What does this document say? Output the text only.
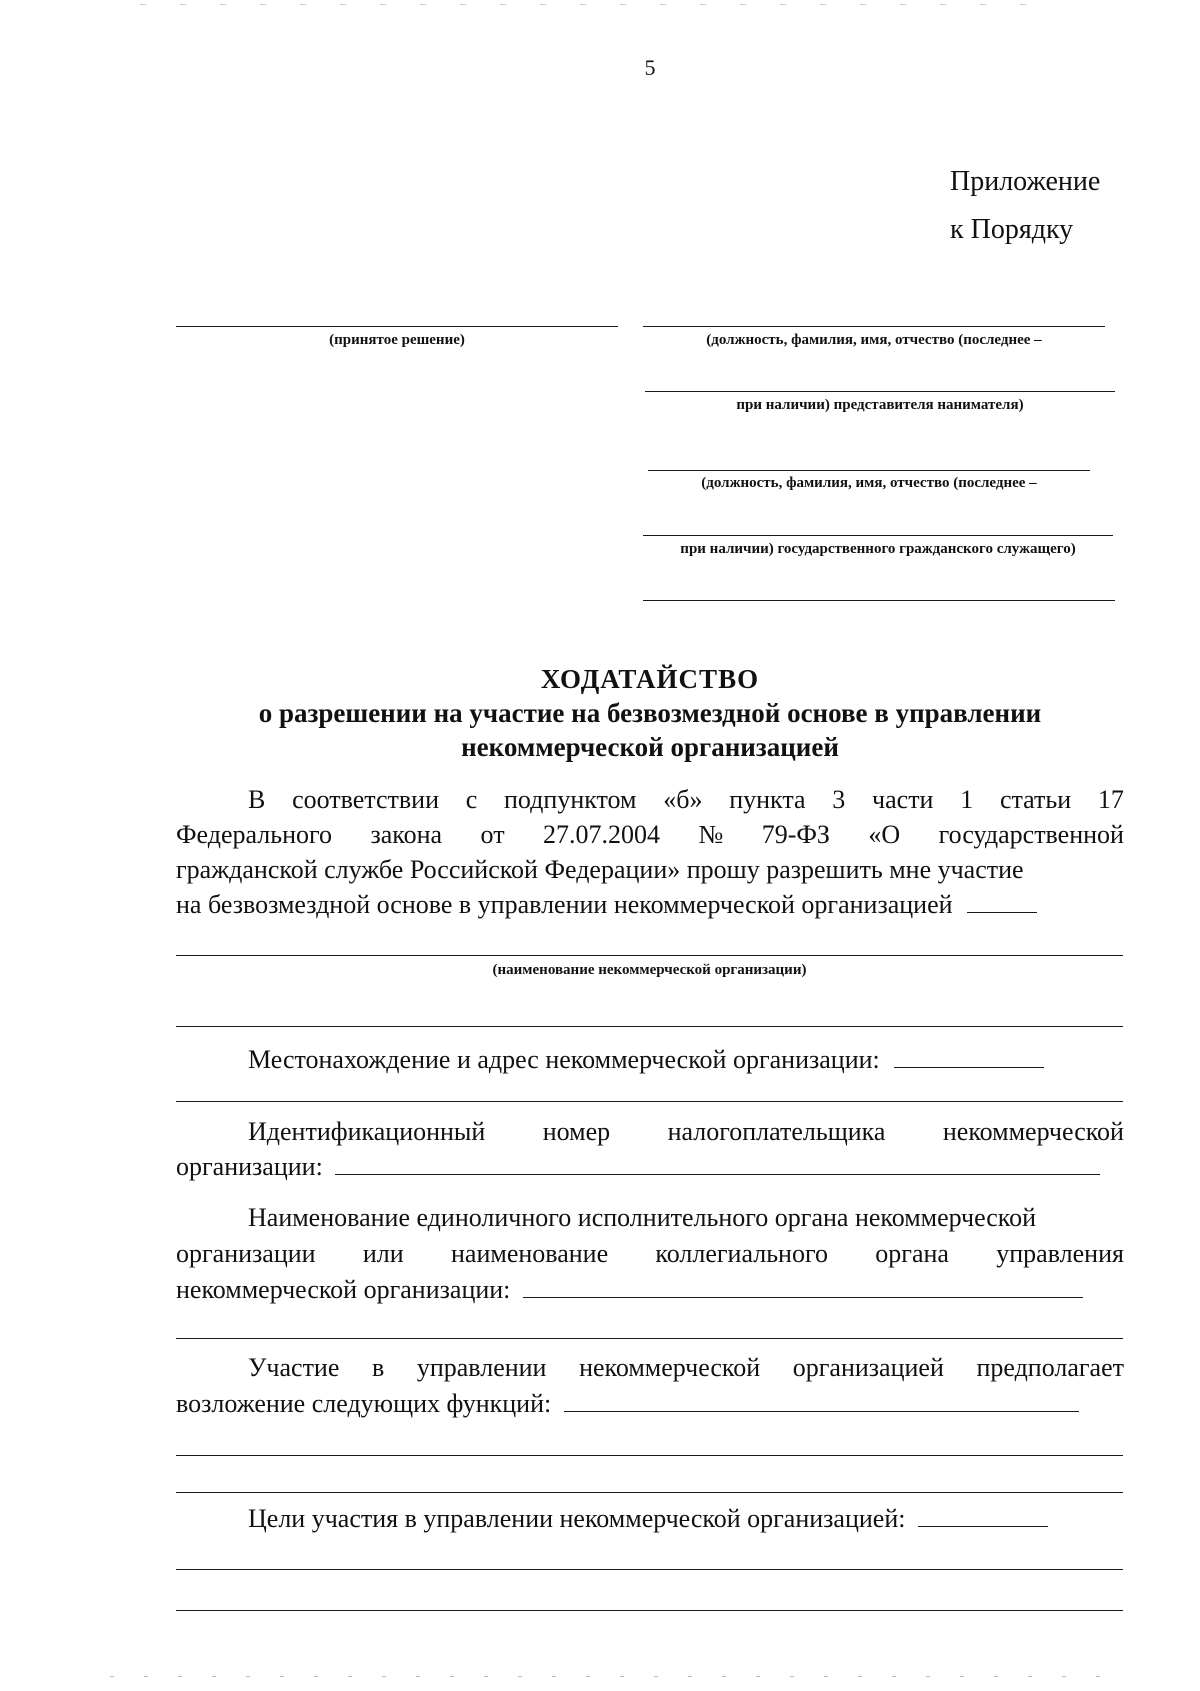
5
Приложение
к Порядку
(принятое решение)	(должность, фамилия, имя, отчество (последнее –
при наличии) представителя нанимателя)
(должность, фамилия, имя, отчество (последнее –
при наличии) государственного гражданского служащего)
ХОДАТАЙСТВО
о разрешении на участие на безвозмездной основе в управлении
некоммерческой организацией
В соответствии с подпунктом «б» пункта 3 части 1 статьи 17
Федерального закона от 27.07.2004 № 79-ФЗ «О государственной
гражданской службе Российской Федерации» прошу разрешить мне участие
на безвозмездной основе в управлении некоммерческой организацией
(наименование некоммерческой организации)
Местонахождение и адрес некоммерческой организации:
Идентификационный номер налогоплательщика некоммерческой
организации:
Наименование единоличного исполнительного органа некоммерческой
организации или наименование коллегиального органа управления
некоммерческой организации:
Участие в управлении некоммерческой организацией предполагает
возложение следующих функций:
Цели участия в управлении некоммерческой организацией:
